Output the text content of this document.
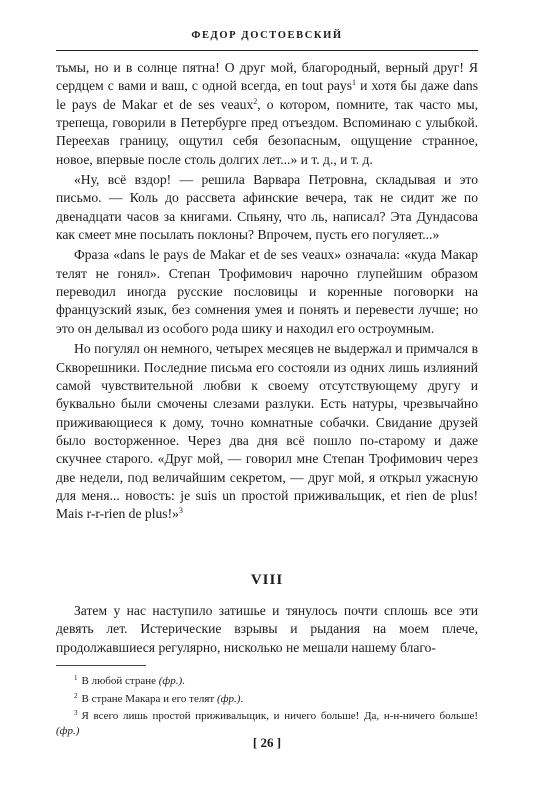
ФЕДОР ДОСТОЕВСКИЙ

тьмы, но и в солнце пятна! О друг мой, благородный, верный друг! Я сердцем с вами и ваш, с одной всегда, en tout pays$^1$ и хотя бы даже dans le pays de Makar et de ses veaux$^2$, о котором, помните, так часто мы, трепеща, говорили в Петербурге пред отъездом. Вспоминаю с улыбкой. Переехав границу, ощутил себя безопасным, ощущение странное, новое, впервые после столь долгих лет...» и т. д., и т. д.

«Ну, всё вздор! — решила Варвара Петровна, складывая и это письмо. — Коль до рассвета афинские вечера, так не сидит же по двенадцати часов за книгами. Спьяну, что ль, написал? Эта Дундасова как смеет мне посылать поклоны? Впрочем, пусть его погуляет...»

Фраза «dans le pays de Makar et de ses veaux» означала: «куда Макар телят не гонял». Степан Трофимович нарочно глупейшим образом переводил иногда русские пословицы и коренные поговорки на французский язык, без сомнения умея и понять и перевести лучше; но это он делывал из особого рода шику и находил его остроумным.

Но погулял он немного, четырех месяцев не выдержал и примчался в Скворешники. Последние письма его состояли из одних лишь излияний самой чувствительной любви к своему отсутствующему другу и буквально были смочены слезами разлуки. Есть натуры, чрезвычайно приживающиеся к дому, точно комнатные собачки. Свидание друзей было восторженное. Через два дня всё пошло по-старому и даже скучнее старого. «Друг мой, — говорил мне Степан Трофимович через две недели, под величайшим секретом, — друг мой, я открыл ужасную для меня... новость: je suis un простой приживальщик, et rien de plus! Mais r-r-rien de plus!»$^3$

VIII

Затем у нас наступило затишье и тянулось почти сплошь все эти девять лет. Истерические взрывы и рыдания на моем плече, продолжавшиеся регулярно, нисколько не мешали нашему благо-

$^1$ В любой стране (фр.).

$^2$ В стране Макара и его телят (фр.).

$^3$ Я всего лишь простой приживальщик, и ничего больше! Да, н-н-ничего больше! (фр.)

[ 26 ]
